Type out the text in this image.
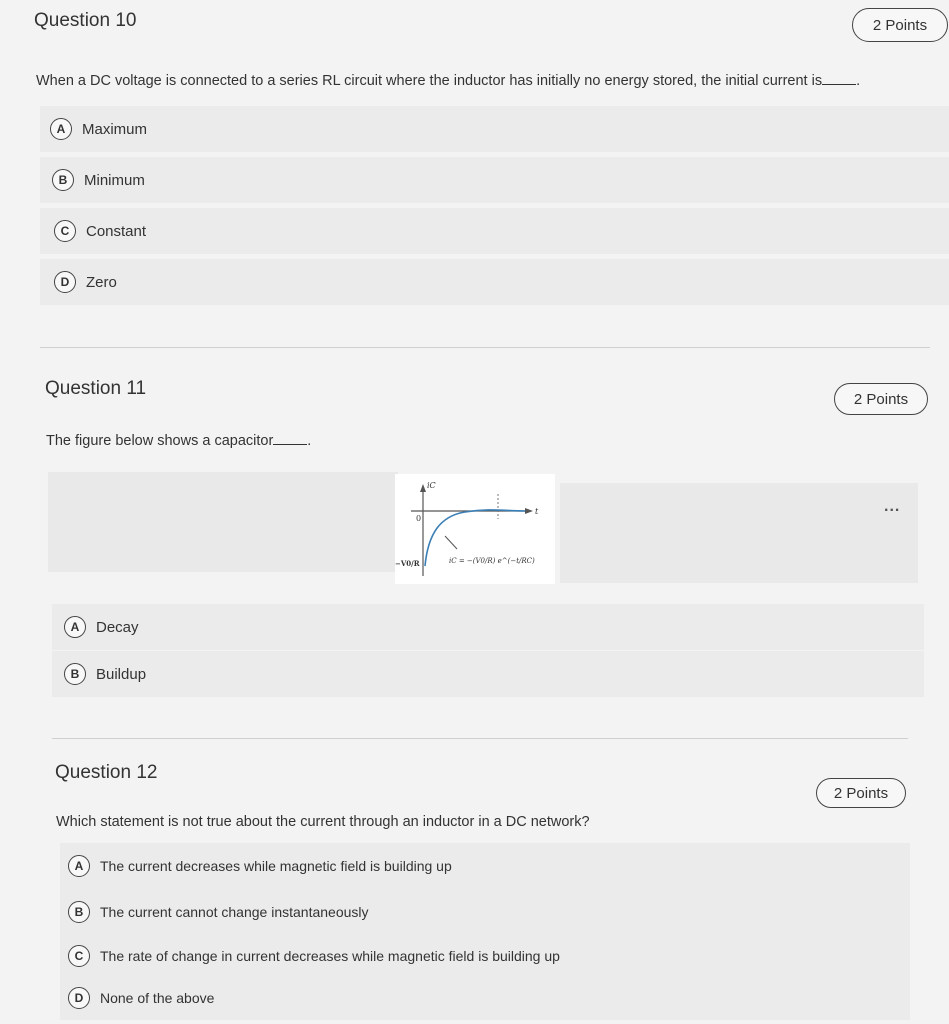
Question 10	2 Points
When a DC voltage is connected to a series RL circuit where the inductor has initially no energy stored, the initial current is .
A	Maximum
B	Minimum
C	Constant
D	Zero
Question 11	2 Points
The figure below shows a capacitor .
...
iC
t
0
−V0/R	iC = −(V0/R) e^(−t/RC)
A	Decay
B	Buildup
Question 12
2 Points
Which statement is not true about the current through an inductor in a DC network?
A	The current decreases while magnetic field is building up
B	The current cannot change instantaneously
C	The rate of change in current decreases while magnetic field is building up
D	None of the above
